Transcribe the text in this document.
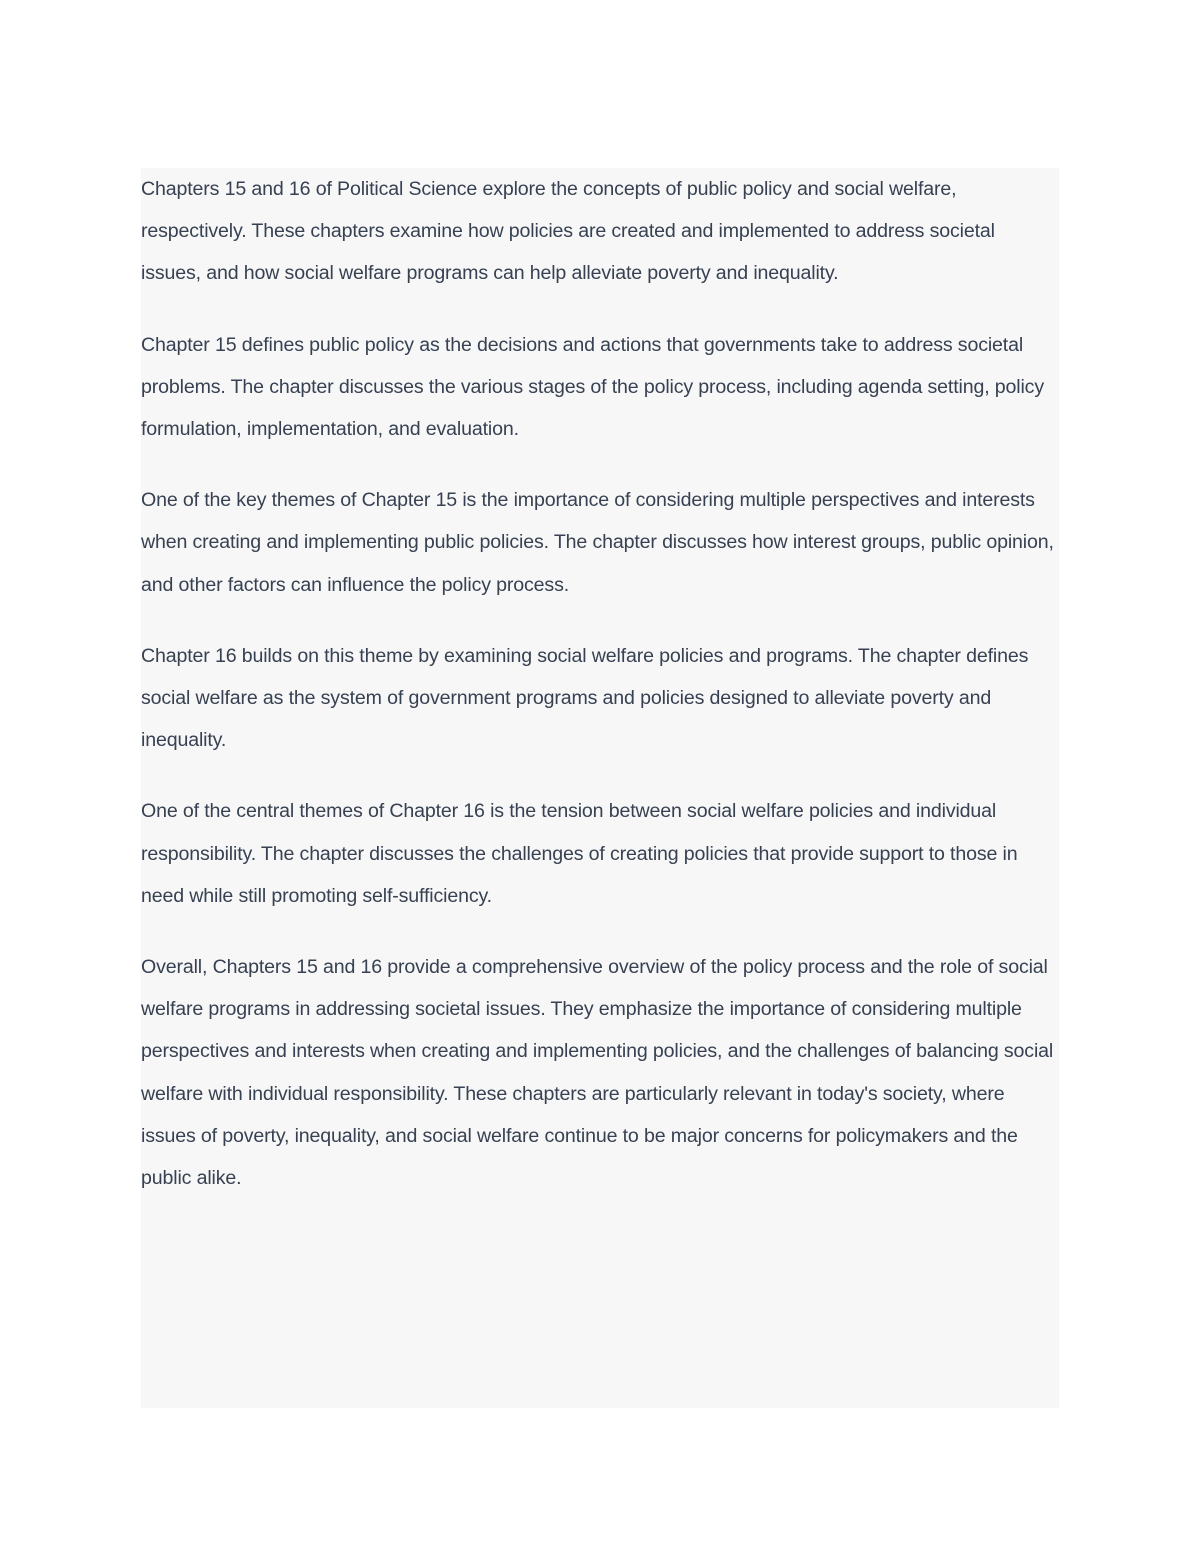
Chapters 15 and 16 of Political Science explore the concepts of public policy and social welfare, respectively. These chapters examine how policies are created and implemented to address societal issues, and how social welfare programs can help alleviate poverty and inequality.

Chapter 15 defines public policy as the decisions and actions that governments take to address societal problems. The chapter discusses the various stages of the policy process, including agenda setting, policy formulation, implementation, and evaluation.

One of the key themes of Chapter 15 is the importance of considering multiple perspectives and interests when creating and implementing public policies. The chapter discusses how interest groups, public opinion, and other factors can influence the policy process.

Chapter 16 builds on this theme by examining social welfare policies and programs. The chapter defines social welfare as the system of government programs and policies designed to alleviate poverty and inequality.

One of the central themes of Chapter 16 is the tension between social welfare policies and individual responsibility. The chapter discusses the challenges of creating policies that provide support to those in need while still promoting self-sufficiency.

Overall, Chapters 15 and 16 provide a comprehensive overview of the policy process and the role of social welfare programs in addressing societal issues. They emphasize the importance of considering multiple perspectives and interests when creating and implementing policies, and the challenges of balancing social welfare with individual responsibility. These chapters are particularly relevant in today's society, where issues of poverty, inequality, and social welfare continue to be major concerns for policymakers and the public alike.
